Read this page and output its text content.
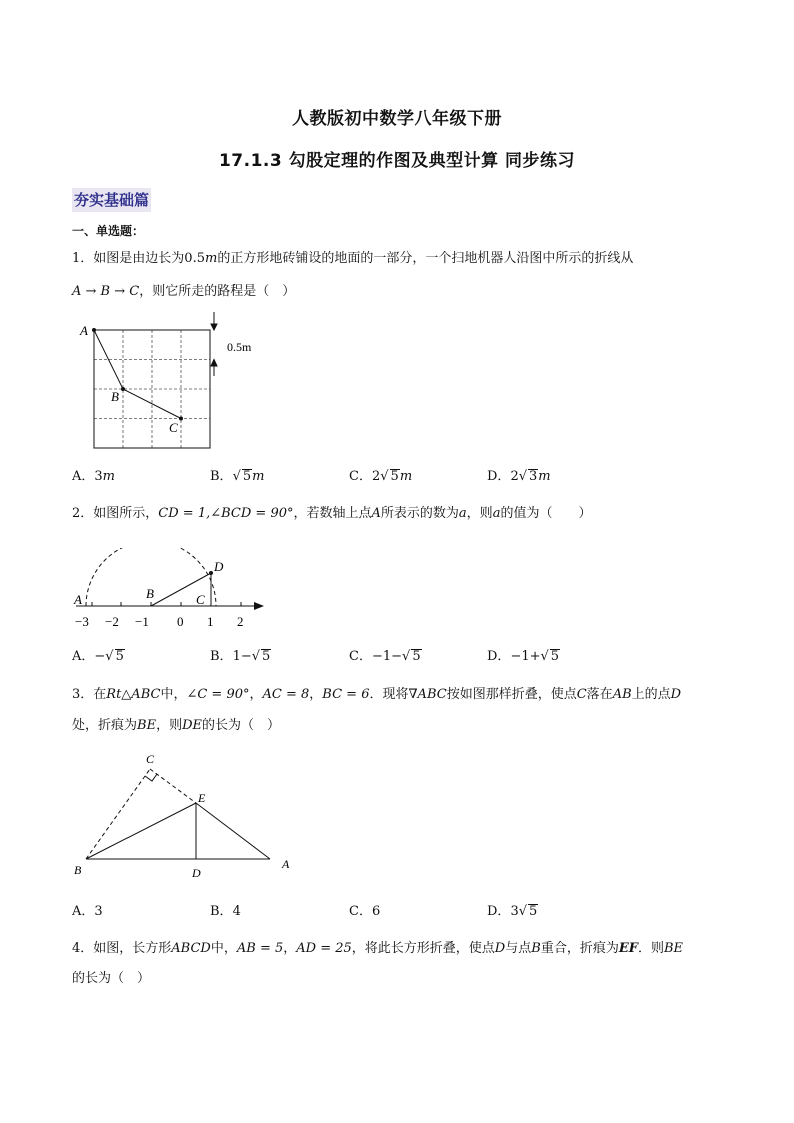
人教版初中数学八年级下册
17.1.3 勾股定理的作图及典型计算 同步练习
夯实基础篇
一、单选题：
1．如图是由边长为0.5m的正方形地砖铺设的地面的一部分，一个扫地机器人沿图中所示的折线从
A → B → C，则它所走的路程是（　）
A
B
C
0.5m
A．3m	B．√ 5m	C．2√ 5m	D．2√ 3m
2．如图所示，CD = 1,∠BCD = 90°，若数轴上点A所表示的数为a，则a的值为（　　）
A	B	C
D
−3 −2 −1 0 1 2
A．−√ 5	B．1−√ 5	C．−1−√ 5	D．−1+√ 5
3．在Rt△ABC中，∠C = 90°，AC = 8，BC = 6．现将∇ABC按如图那样折叠，使点C落在AB上的点D
处，折痕为BE，则DE的长为（　）
C
E
B	D
A
A．3	B．4	C．6	D．3√ 5
4．如图，长方形ABCD中，AB = 5，AD = 25，将此长方形折叠，使点D与点B重合，折痕为EF．则BE
的长为（　）
